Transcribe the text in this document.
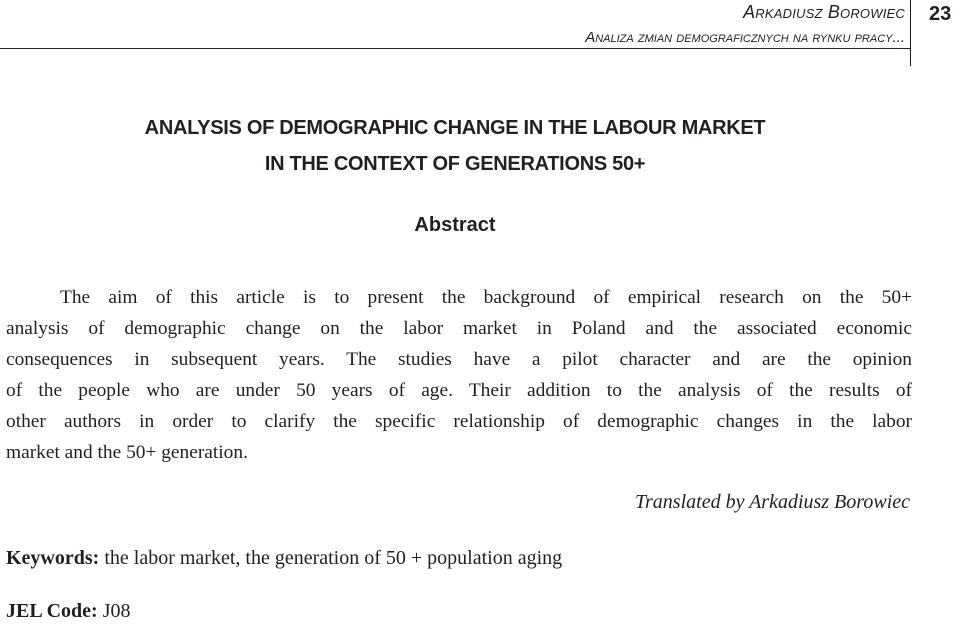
Arkadiusz Borowiec
Analiza zmian demograficznych na rynku pracy...
23
ANALYSIS OF DEMOGRAPHIC CHANGE IN THE LABOUR MARKET
IN THE CONTEXT OF GENERATIONS 50+
Abstract
The aim of this article is to present the background of empirical research on the 50+
analysis of demographic change on the labor market in Poland and the associated economic
consequences in subsequent years. The studies have a pilot character and are the opinion
of the people who are under 50 years of age. Their addition to the analysis of the results of
other authors in order to clarify the specific relationship of demographic changes in the labor
market and the 50+ generation.
Translated by Arkadiusz Borowiec
Keywords: the labor market, the generation of 50 + population aging
JEL Code: J08
